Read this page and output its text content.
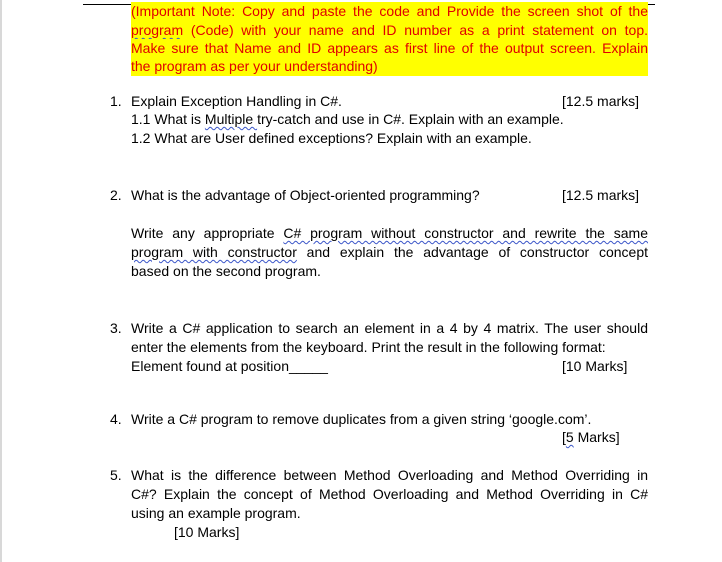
(Important Note: Copy and paste the code and Provide the screen shot of the
program (Code) with your name and ID number as a print statement on top.
Make sure that Name and ID appears as first line of the output screen. Explain
the program as per your understanding)
1. Explain Exception Handling in C#.	[12.5 marks]
1.1 What is Multiple try-catch and use in C#. Explain with an example.
1.2 What are User defined exceptions? Explain with an example.
2. What is the advantage of Object-oriented programming?	[12.5 marks]
Write any appropriate C# program without constructor and rewrite the same
program with constructor and explain the advantage of constructor concept
based on the second program.
3. Write a C# application to search an element in a 4 by 4 matrix. The user should
enter the elements from the keyboard. Print the result in the following format:
Element found at position_____	[10 Marks]
4. Write a C# program to remove duplicates from a given string ‘google.com’.
[5 Marks]
5. What is the difference between Method Overloading and Method Overriding in
C#? Explain the concept of Method Overloading and Method Overriding in C#
using an example program.
[10 Marks]
